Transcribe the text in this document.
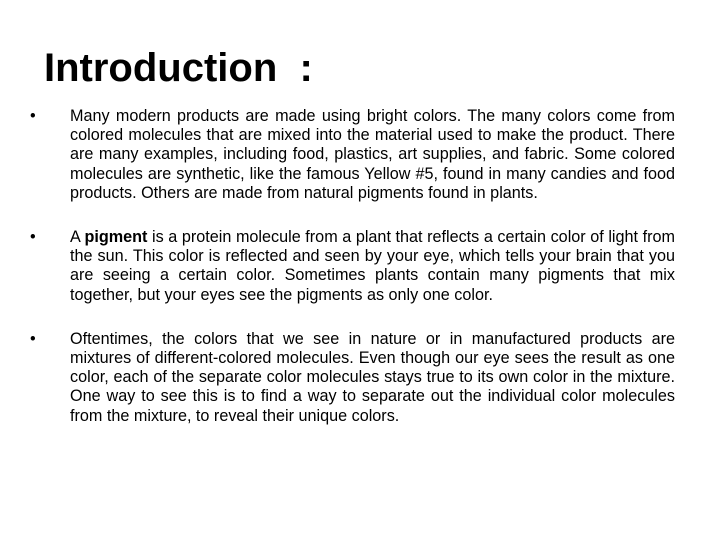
Introduction  :
•	Many modern products are made using bright colors. The many colors come from colored molecules that are mixed into the material used to make the product. There are many examples, including food, plastics, art supplies, and fabric. Some colored molecules are synthetic, like the famous Yellow #5, found in many candies and food products. Others are made from natural pigments found in plants.
•	A pigment is a protein molecule from a plant that reflects a certain color of light from the sun. This color is reflected and seen by your eye, which tells your brain that you are seeing a certain color. Sometimes plants contain many pigments that mix together, but your eyes see the pigments as only one color.
•	Oftentimes, the colors that we see in nature or in manufactured products are mixtures of different-colored molecules. Even though our eye sees the result as one color, each of the separate color molecules stays true to its own color in the mixture. One way to see this is to find a way to separate out the individual color molecules from the mixture, to reveal their unique colors.
